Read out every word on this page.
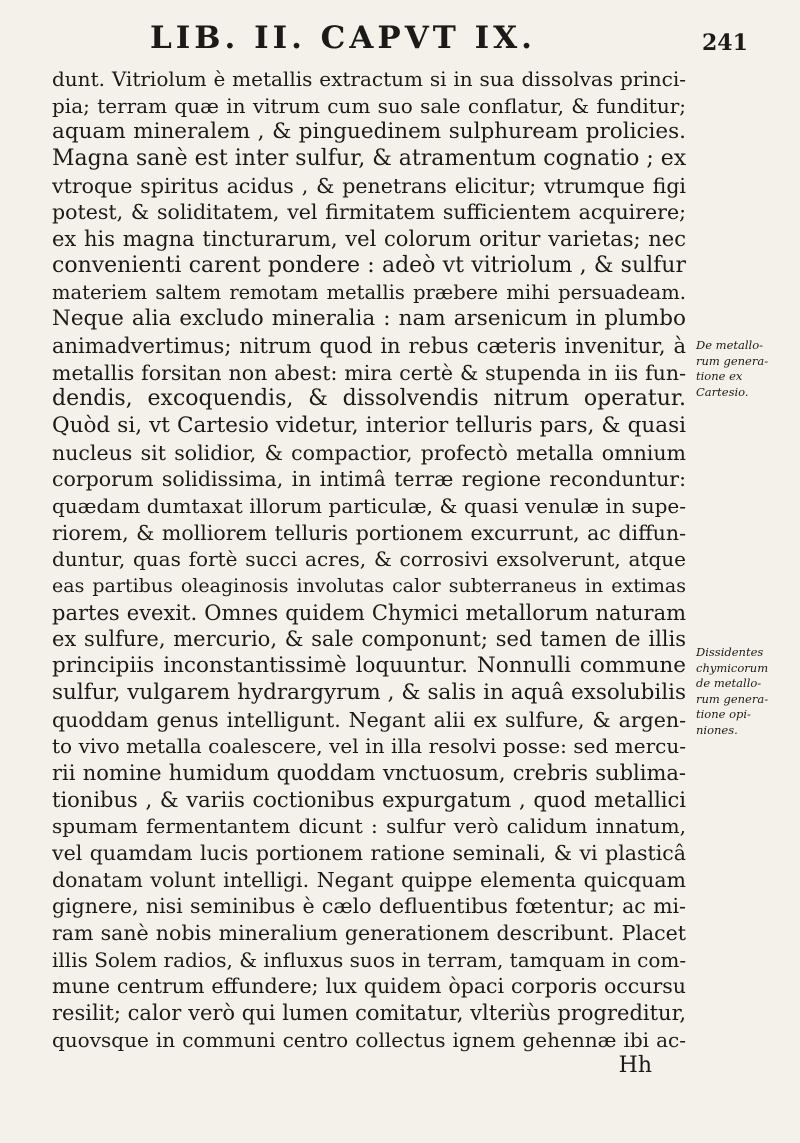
LIB. II. CAPVT IX.	241
dunt. Vitriolum è metallis extractum si in sua dissolvas princi-
pia; terram quæ in vitrum cum suo sale conflatur, & funditur;
aquam mineralem , & pinguedinem sulphuream prolicies.
Magna sanè est inter sulfur, & atramentum cognatio ; ex
vtroque spiritus acidus , & penetrans elicitur; vtrumque figi
potest, & soliditatem, vel firmitatem sufficientem acquirere;
ex his magna tincturarum, vel colorum oritur varietas; nec
convenienti carent pondere : adeò vt vitriolum , & sulfur
materiem saltem remotam metallis præbere mihi persuadeam.
Neque alia excludo mineralia : nam arsenicum in plumbo
animadvertimus; nitrum quod in rebus cæteris invenitur, à
metallis forsitan non abest: mira certè & stupenda in iis fun-
dendis, excoquendis, & dissolvendis nitrum operatur.
Quòd si, vt Cartesio videtur, interior telluris pars, & quasi
nucleus sit solidior, & compactior, profectò metalla omnium
corporum solidissima, in intimâ terræ regione reconduntur:
quædam dumtaxat illorum particulæ, & quasi venulæ in supe-
riorem, & molliorem telluris portionem excurrunt, ac diffun-
duntur, quas fortè succi acres, & corrosivi exsolverunt, atque
eas partibus oleaginosis involutas calor subterraneus in extimas
partes evexit. Omnes quidem Chymici metallorum naturam
ex sulfure, mercurio, & sale componunt; sed tamen de illis
principiis inconstantissimè loquuntur. Nonnulli commune
sulfur, vulgarem hydrargyrum , & salis in aquâ exsolubilis
quoddam genus intelligunt. Negant alii ex sulfure, & argen-
to vivo metalla coalescere, vel in illa resolvi posse: sed mercu-
rii nomine humidum quoddam vnctuosum, crebris sublima-
tionibus , & variis coctionibus expurgatum , quod metallici
spumam fermentantem dicunt : sulfur verò calidum innatum,
vel quamdam lucis portionem ratione seminali, & vi plasticâ
donatam volunt intelligi. Negant quippe elementa quicquam
gignere, nisi seminibus è cælo defluentibus fœtentur; ac mi-
ram sanè nobis mineralium generationem describunt. Placet
illis Solem radios, & influxus suos in terram, tamquam in com-
mune centrum effundere; lux quidem òpaci corporis occursu
resilit; calor verò qui lumen comitatur, vlteriùs progreditur,
quovsque in communi centro collectus ignem gehennæ ibi ac-
Hh
De metallo-
rum genera-
tione ex
Cartesio.
Dissidentes
chymicorum
de metallo-
rum genera-
tione opi-
niones.
